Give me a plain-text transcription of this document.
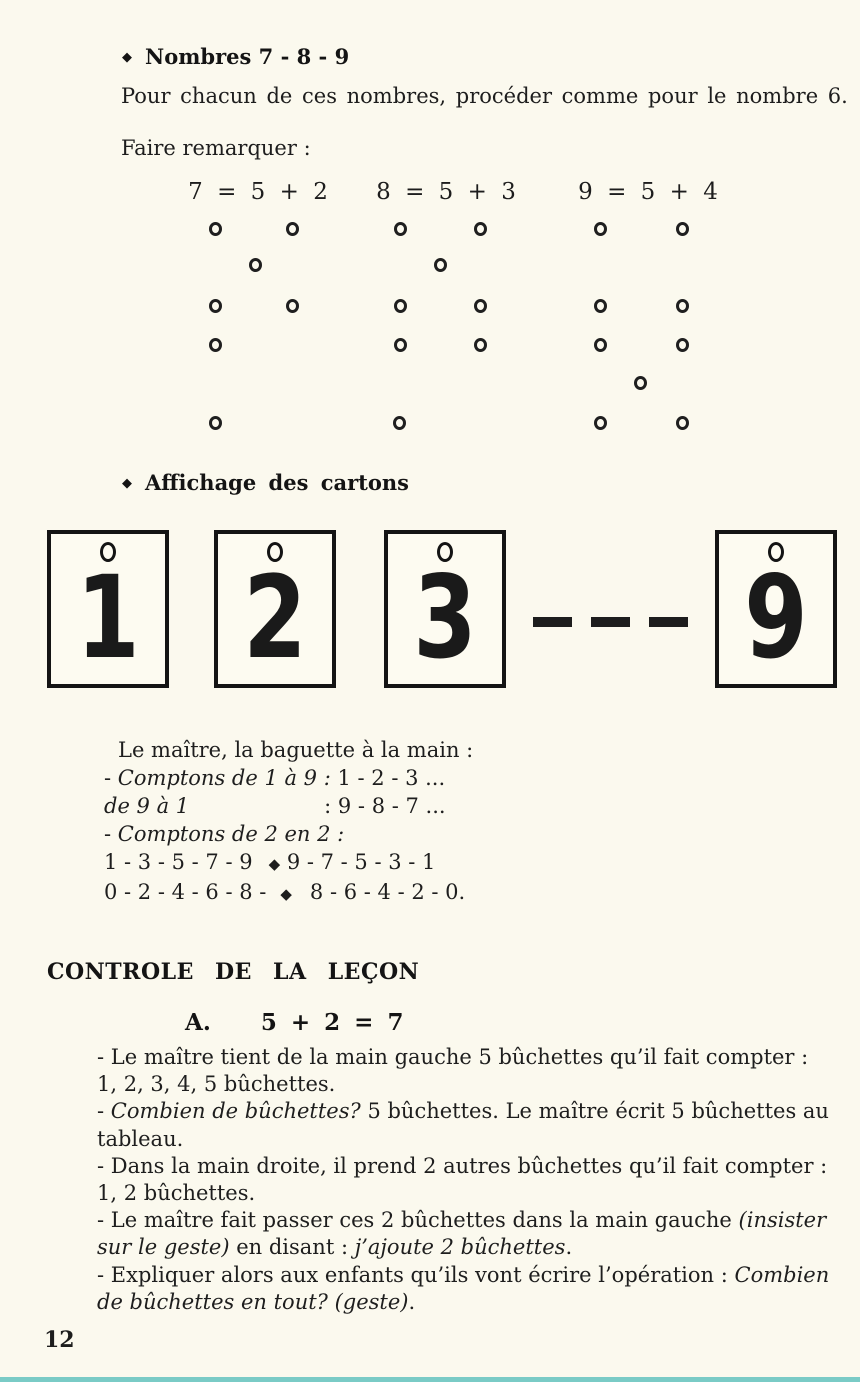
◆ Nombres 7 - 8 - 9

Pour chacun de ces nombres, procéder comme pour le nombre 6.

Faire remarquer :

7 = 5 + 2 8 = 5 + 3	9 = 5 + 4
◆ Affichage des cartons
1 2 3 9
Le maître, la baguette à la main :
- Comptons de 1 à 9 : 1 - 2 - 3 ...
de 9 à 1	: 9 - 8 - 7 ...
- Comptons de 2 en 2 :
1 - 3 - 5 - 7 - 9 ◆ 9 - 7 - 5 - 3 - 1
0 - 2 - 4 - 6 - 8 - ◆ 8 - 6 - 4 - 2 - 0.
CONTROLE DE LA LEÇON
A. 5 + 2 = 7
- Le maître tient de la main gauche 5 bûchettes qu’il fait compter :
1, 2, 3, 4, 5 bûchettes.
- Combien de bûchettes? 5 bûchettes. Le maître écrit 5 bûchettes au
tableau.
- Dans la main droite, il prend 2 autres bûchettes qu’il fait compter :
1, 2 bûchettes.
- Le maître fait passer ces 2 bûchettes dans la main gauche (insister
sur le geste) en disant : j’ajoute 2 bûchettes.
- Expliquer alors aux enfants qu’ils vont écrire l’opération : Combien
de bûchettes en tout? (geste).
12
